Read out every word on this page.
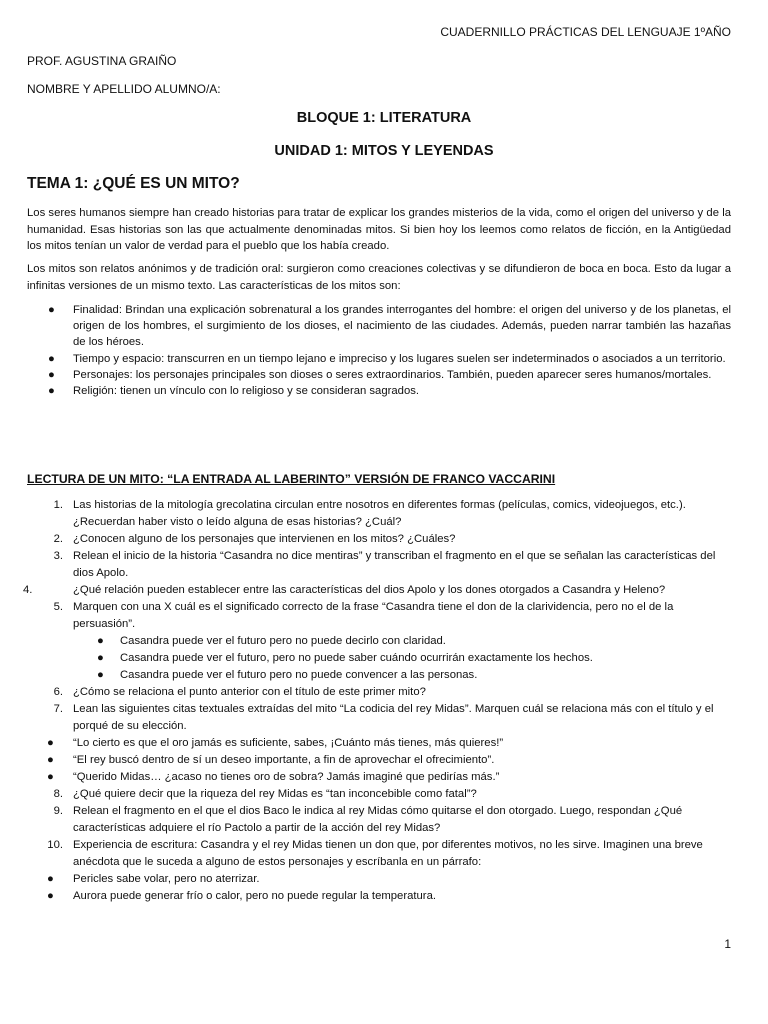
CUADERNILLO PRÁCTICAS DEL LENGUAJE 1ºAÑO
PROF. AGUSTINA GRAIÑO
NOMBRE Y APELLIDO ALUMNO/A:
BLOQUE 1: LITERATURA
UNIDAD 1: MITOS Y LEYENDAS
TEMA 1: ¿QUÉ ES UN MITO?
Los seres humanos siempre han creado historias para tratar de explicar los grandes misterios de la vida, como el origen del universo y de la humanidad. Esas historias son las que actualmente denominadas mitos. Si bien hoy los leemos como relatos de ficción, en la Antigüedad los mitos tenían un valor de verdad para el pueblo que los había creado.
Los mitos son relatos anónimos y de tradición oral: surgieron como creaciones colectivas y se difundieron de boca en boca. Esto da lugar a infinitas versiones de un mismo texto. Las características de los mitos son:
● Finalidad: Brindan una explicación sobrenatural a los grandes interrogantes del hombre: el origen del universo y de los planetas, el origen de los hombres, el surgimiento de los dioses, el nacimiento de las ciudades. Además, pueden narrar también las hazañas de los héroes.
● Tiempo y espacio: transcurren en un tiempo lejano e impreciso y los lugares suelen ser indeterminados o asociados a un territorio.
● Personajes: los personajes principales son dioses o seres extraordinarios. También, pueden aparecer seres humanos/mortales.
● Religión: tienen un vínculo con lo religioso y se consideran sagrados.
LECTURA DE UN MITO: “LA ENTRADA AL LABERINTO” VERSIÓN DE FRANCO VACCARINI
1. Las historias de la mitología grecolatina circulan entre nosotros en diferentes formas (películas, comics, videojuegos, etc.). ¿Recuerdan haber visto o leído alguna de esas historias? ¿Cuál?
2. ¿Conocen alguno de los personajes que intervienen en los mitos? ¿Cuáles?
3. Relean el inicio de la historia “Casandra no dice mentiras” y transcriban el fragmento en el que se señalan las características del dios Apolo.
4.	¿Qué relación pueden establecer entre las características del dios Apolo y los dones otorgados a Casandra y Heleno?
5. Marquen con una X cuál es el significado correcto de la frase “Casandra tiene el don de la clarividencia, pero no el de la persuasión”.
● Casandra puede ver el futuro pero no puede decirlo con claridad.
● Casandra puede ver el futuro, pero no puede saber cuándo ocurrirán exactamente los hechos.
● Casandra puede ver el futuro pero no puede convencer a las personas.
6. ¿Cómo se relaciona el punto anterior con el título de este primer mito?
7. Lean las siguientes citas textuales extraídas del mito “La codicia del rey Midas”. Marquen cuál se relaciona más con el título y el porqué de su elección.
● “Lo cierto es que el oro jamás es suficiente, sabes, ¡Cuánto más tienes, más quieres!”
● “El rey buscó dentro de sí un deseo importante, a fin de aprovechar el ofrecimiento”.
● “Querido Midas… ¿acaso no tienes oro de sobra? Jamás imaginé que pedirías más.”
8. ¿Qué quiere decir que la riqueza del rey Midas es “tan inconcebible como fatal”?
9. Relean el fragmento en el que el dios Baco le indica al rey Midas cómo quitarse el don otorgado. Luego, respondan ¿Qué características adquiere el río Pactolo a partir de la acción del rey Midas?
10. Experiencia de escritura: Casandra y el rey Midas tienen un don que, por diferentes motivos, no les sirve. Imaginen una breve anécdota que le suceda a alguno de estos personajes y escríbanla en un párrafo:
● Pericles sabe volar, pero no aterrizar.
● Aurora puede generar frío o calor, pero no puede regular la temperatura.
1
